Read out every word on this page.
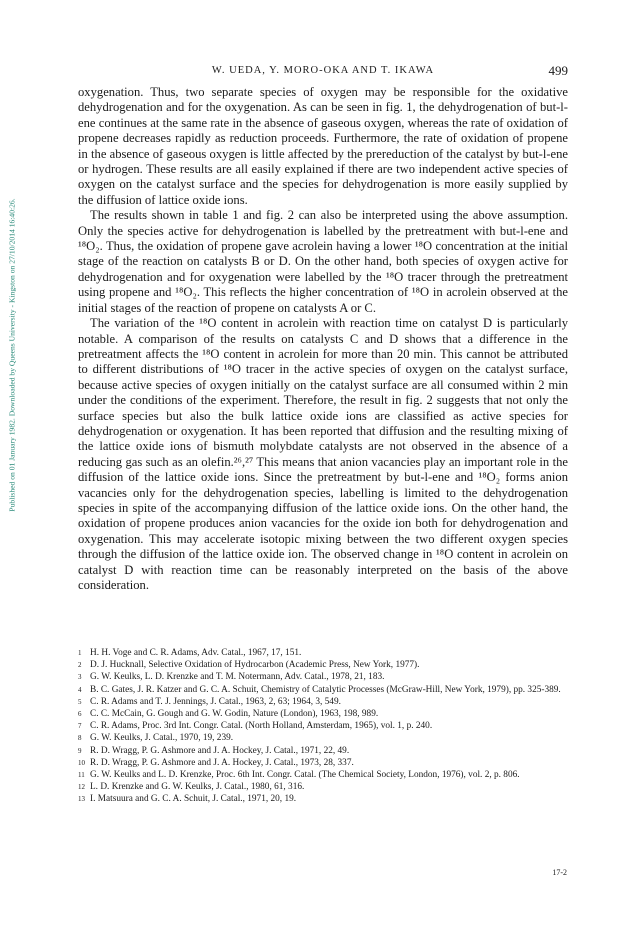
Published on 01 January 1982. Downloaded by Queens University - Kingston on 27/10/2014 16:40:26.
W. UEDA, Y. MORO-OKA AND T. IKAWA	499

oxygenation. Thus, two separate species of oxygen may be responsible for the oxidative dehydrogenation and for the oxygenation. As can be seen in fig. 1, the dehydrogenation of but-l-ene continues at the same rate in the absence of gaseous oxygen, whereas the rate of oxidation of propene decreases rapidly as reduction proceeds. Furthermore, the rate of oxidation of propene in the absence of gaseous oxygen is little affected by the prereduction of the catalyst by but-l-ene or hydrogen. These results are all easily explained if there are two independent active species of oxygen on the catalyst surface and the species for dehydrogenation is more easily supplied by the diffusion of lattice oxide ions.

The results shown in table 1 and fig. 2 can also be interpreted using the above assumption. Only the species active for dehydrogenation is labelled by the pretreatment with but-l-ene and ¹⁸O₂. Thus, the oxidation of propene gave acrolein having a lower ¹⁸O concentration at the initial stage of the reaction on catalysts B or D. On the other hand, both species of oxygen active for dehydrogenation and for oxygenation were labelled by the ¹⁸O tracer through the pretreatment using propene and ¹⁸O₂. This reflects the higher concentration of ¹⁸O in acrolein observed at the initial stages of the reaction of propene on catalysts A or C.

The variation of the ¹⁸O content in acrolein with reaction time on catalyst D is particularly notable. A comparison of the results on catalysts C and D shows that a difference in the pretreatment affects the ¹⁸O content in acrolein for more than 20 min. This cannot be attributed to different distributions of ¹⁸O tracer in the active species of oxygen on the catalyst surface, because active species of oxygen initially on the catalyst surface are all consumed within 2 min under the conditions of the experiment. Therefore, the result in fig. 2 suggests that not only the surface species but also the bulk lattice oxide ions are classified as active species for dehydrogenation or oxygenation. It has been reported that diffusion and the resulting mixing of the lattice oxide ions of bismuth molybdate catalysts are not observed in the absence of a reducing gas such as an olefin.²⁶,²⁷ This means that anion vacancies play an important role in the diffusion of the lattice oxide ions. Since the pretreatment by but-l-ene and ¹⁸O₂ forms anion vacancies only for the dehydrogenation species, labelling is limited to the dehydrogenation species in spite of the accompanying diffusion of the lattice oxide ions. On the other hand, the oxidation of propene produces anion vacancies for the oxide ion both for dehydrogenation and oxygenation. This may accelerate isotopic mixing between the two different oxygen species through the diffusion of the lattice oxide ion. The observed change in ¹⁸O content in acrolein on catalyst D with reaction time can be reasonably interpreted on the basis of the above consideration.

1 H. H. Voge and C. R. Adams, Adv. Catal., 1967, 17, 151.
2 D. J. Hucknall, Selective Oxidation of Hydrocarbon (Academic Press, New York, 1977).
3 G. W. Keulks, L. D. Krenzke and T. M. Notermann, Adv. Catal., 1978, 21, 183.
4 B. C. Gates, J. R. Katzer and G. C. A. Schuit, Chemistry of Catalytic Processes (McGraw-Hill, New York, 1979), pp. 325-389.
5 C. R. Adams and T. J. Jennings, J. Catal., 1963, 2, 63; 1964, 3, 549.
6 C. C. McCain, G. Gough and G. W. Godin, Nature (London), 1963, 198, 989.
7 C. R. Adams, Proc. 3rd Int. Congr. Catal. (North Holland, Amsterdam, 1965), vol. 1, p. 240.
8 G. W. Keulks, J. Catal., 1970, 19, 239.
9 R. D. Wragg, P. G. Ashmore and J. A. Hockey, J. Catal., 1971, 22, 49.
10 R. D. Wragg, P. G. Ashmore and J. A. Hockey, J. Catal., 1973, 28, 337.
11 G. W. Keulks and L. D. Krenzke, Proc. 6th Int. Congr. Catal. (The Chemical Society, London, 1976), vol. 2, p. 806.
12 L. D. Krenzke and G. W. Keulks, J. Catal., 1980, 61, 316.
13 I. Matsuura and G. C. A. Schuit, J. Catal., 1971, 20, 19.
17-2
